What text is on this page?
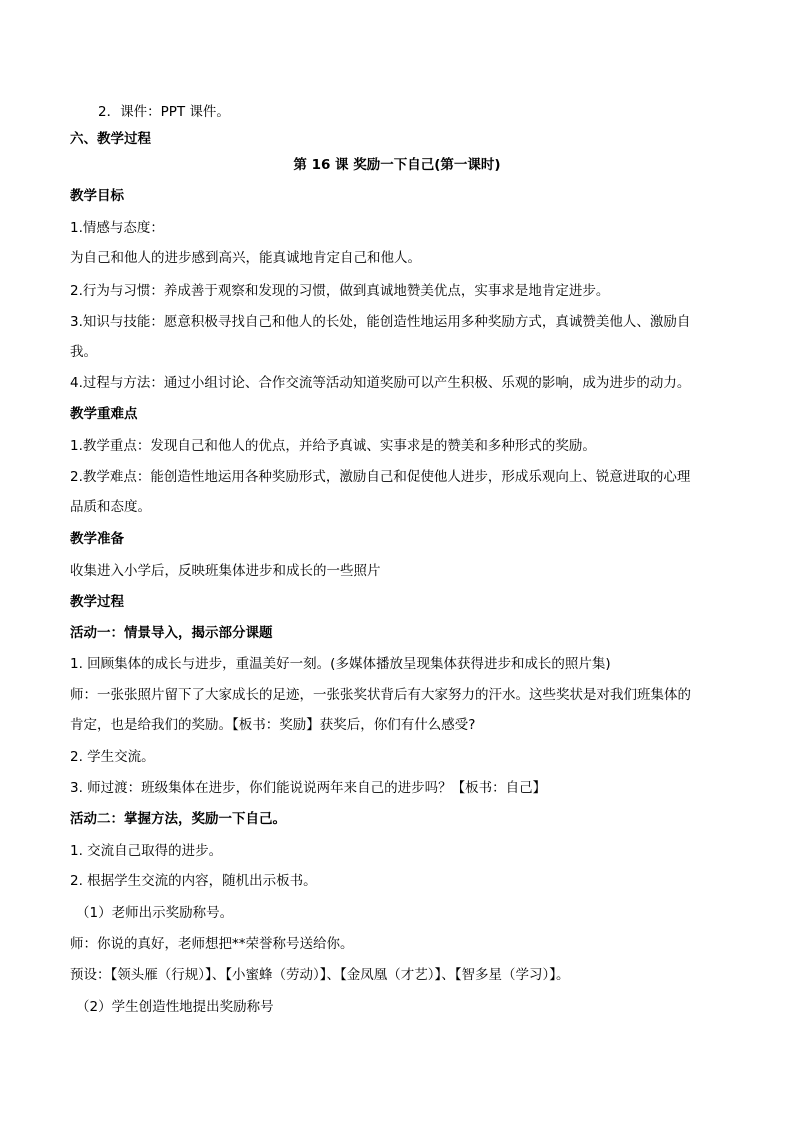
2．课件：PPT 课件。
六、教学过程
第 16 课 奖励一下自己(第一课时)
教学目标
1.情感与态度：
为自己和他人的进步感到高兴，能真诚地肯定自己和他人。
2.行为与习惯：养成善于观察和发现的习惯，做到真诚地赞美优点，实事求是地肯定进步。
3.知识与技能：愿意积极寻找自己和他人的长处，能创造性地运用多种奖励方式，真诚赞美他人、激励自
我。
4.过程与方法：通过小组讨论、合作交流等活动知道奖励可以产生积极、乐观的影响，成为进步的动力。
教学重难点
1.教学重点：发现自己和他人的优点，并给予真诚、实事求是的赞美和多种形式的奖励。
2.教学难点：能创造性地运用各种奖励形式，激励自己和促使他人进步，形成乐观向上、锐意进取的心理
品质和态度。
教学准备
收集进入小学后，反映班集体进步和成长的一些照片
教学过程
活动一：情景导入，揭示部分课题
1. 回顾集体的成长与进步，重温美好一刻。(多媒体播放呈现集体获得进步和成长的照片集)
师：一张张照片留下了大家成长的足迹，一张张奖状背后有大家努力的汗水。这些奖状是对我们班集体的
肯定，也是给我们的奖励。【板书：奖励】获奖后，你们有什么感受?
2. 学生交流。
3. 师过渡：班级集体在进步，你们能说说两年来自己的进步吗？【板书：自己】
活动二：掌握方法，奖励一下自己。
1. 交流自己取得的进步。
2. 根据学生交流的内容，随机出示板书。
（1）老师出示奖励称号。
师：你说的真好，老师想把**荣誉称号送给你。
预设：【领头雁（行规）】、【小蜜蜂（劳动）】、【金凤凰（才艺）】、【智多星（学习）】。
（2）学生创造性地提出奖励称号
